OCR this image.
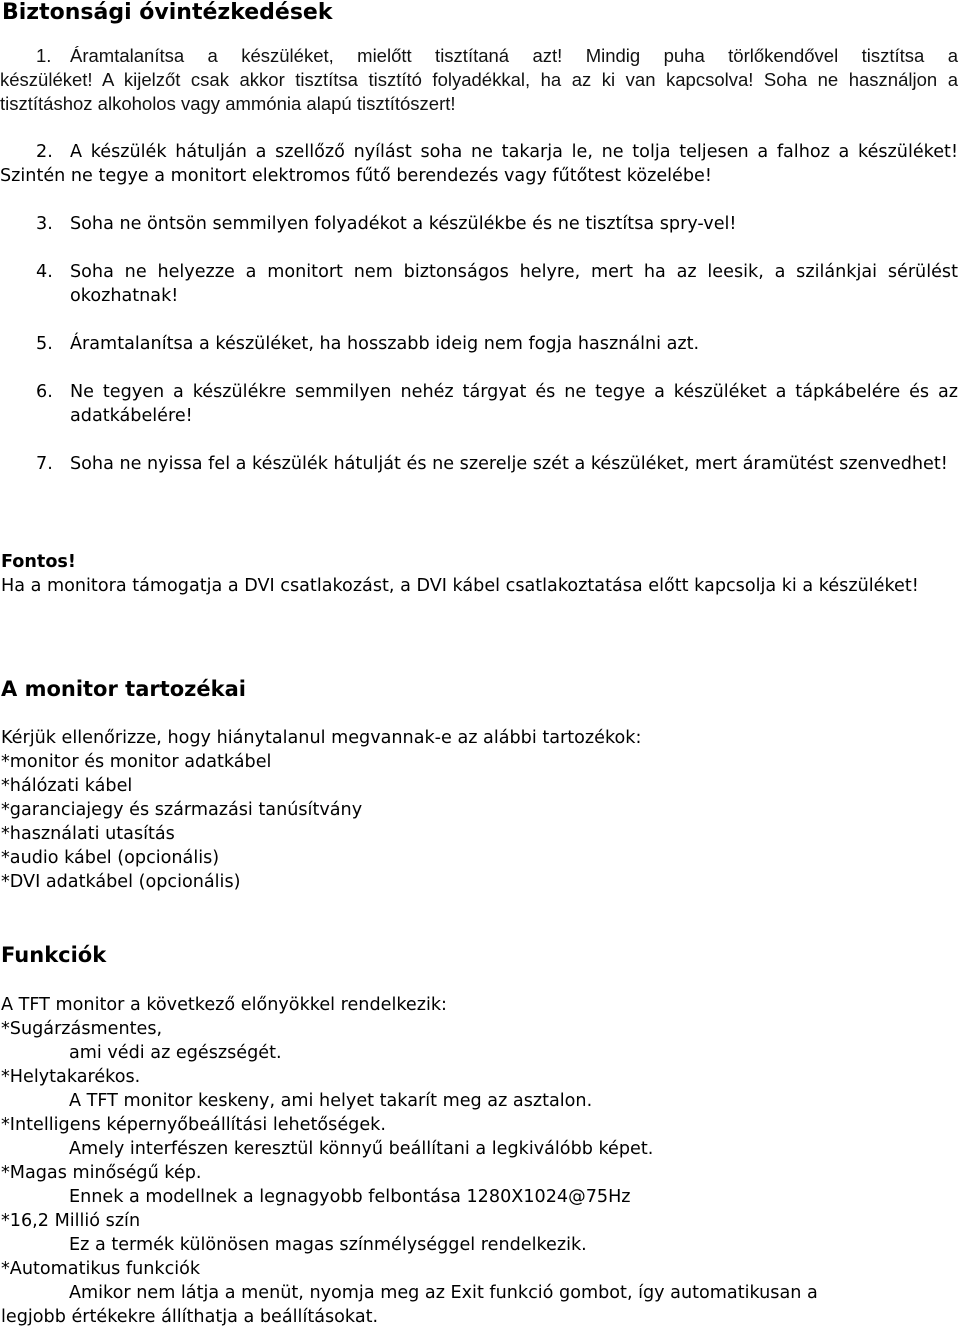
Biztonsági óvintézkedések
1.	Áramtalanítsa a készüléket, mielőtt tisztítaná azt! Mindig puha törlőkendővel tisztítsa a
készüléket! A kijelzőt csak akkor tisztítsa tisztító folyadékkal, ha az ki van kapcsolva! Soha ne használjon a tisztításhoz alkoholos vagy ammónia alapú tisztítószert!
2. A készülék hátulján a szellőző nyílást soha ne takarja le, ne tolja teljesen a falhoz a készüléket! Szintén ne tegye a monitort elektromos fűtő berendezés vagy fűtőtest közelébe!
3. Soha ne öntsön semmilyen folyadékot a készülékbe és ne tisztítsa spry-vel!
4. Soha ne helyezze a monitort nem biztonságos helyre, mert ha az leesik, a szilánkjai sérülést okozhatnak!
5. Áramtalanítsa a készüléket, ha hosszabb ideig nem fogja használni azt.
6. Ne tegyen a készülékre semmilyen nehéz tárgyat és ne tegye a készüléket a tápkábelére és az adatkábelére!
7. Soha ne nyissa fel a készülék hátulját és ne szerelje szét a készüléket, mert áramütést szenvedhet!
Fontos!
Ha a monitora támogatja a DVI csatlakozást, a DVI kábel csatlakoztatása előtt kapcsolja ki a készüléket!
A monitor tartozékai
Kérjük ellenőrizze, hogy hiánytalanul megvannak-e az alábbi tartozékok:
*monitor és monitor adatkábel
*hálózati kábel
*garanciajegy és származási tanúsítvány
*használati utasítás
*audio kábel (opcionális)
*DVI adatkábel (opcionális)
Funkciók
A TFT monitor a következő előnyökkel rendelkezik:
*Sugárzásmentes,
ami védi az egészségét.
*Helytakarékos.
A TFT monitor keskeny, ami helyet takarít meg az asztalon.
*Intelligens képernyőbeállítási lehetőségek.
Amely interfészen keresztül könnyű beállítani a legkiválóbb képet.
*Magas minőségű kép.
Ennek a modellnek a legnagyobb felbontása 1280X1024@75Hz
*16,2 Millió szín
Ez a termék különösen magas színmélységgel rendelkezik.
*Automatikus funkciók
Amikor nem látja a menüt, nyomja meg az Exit funkció gombot, így automatikusan a
legjobb értékekre állíthatja a beállításokat.
